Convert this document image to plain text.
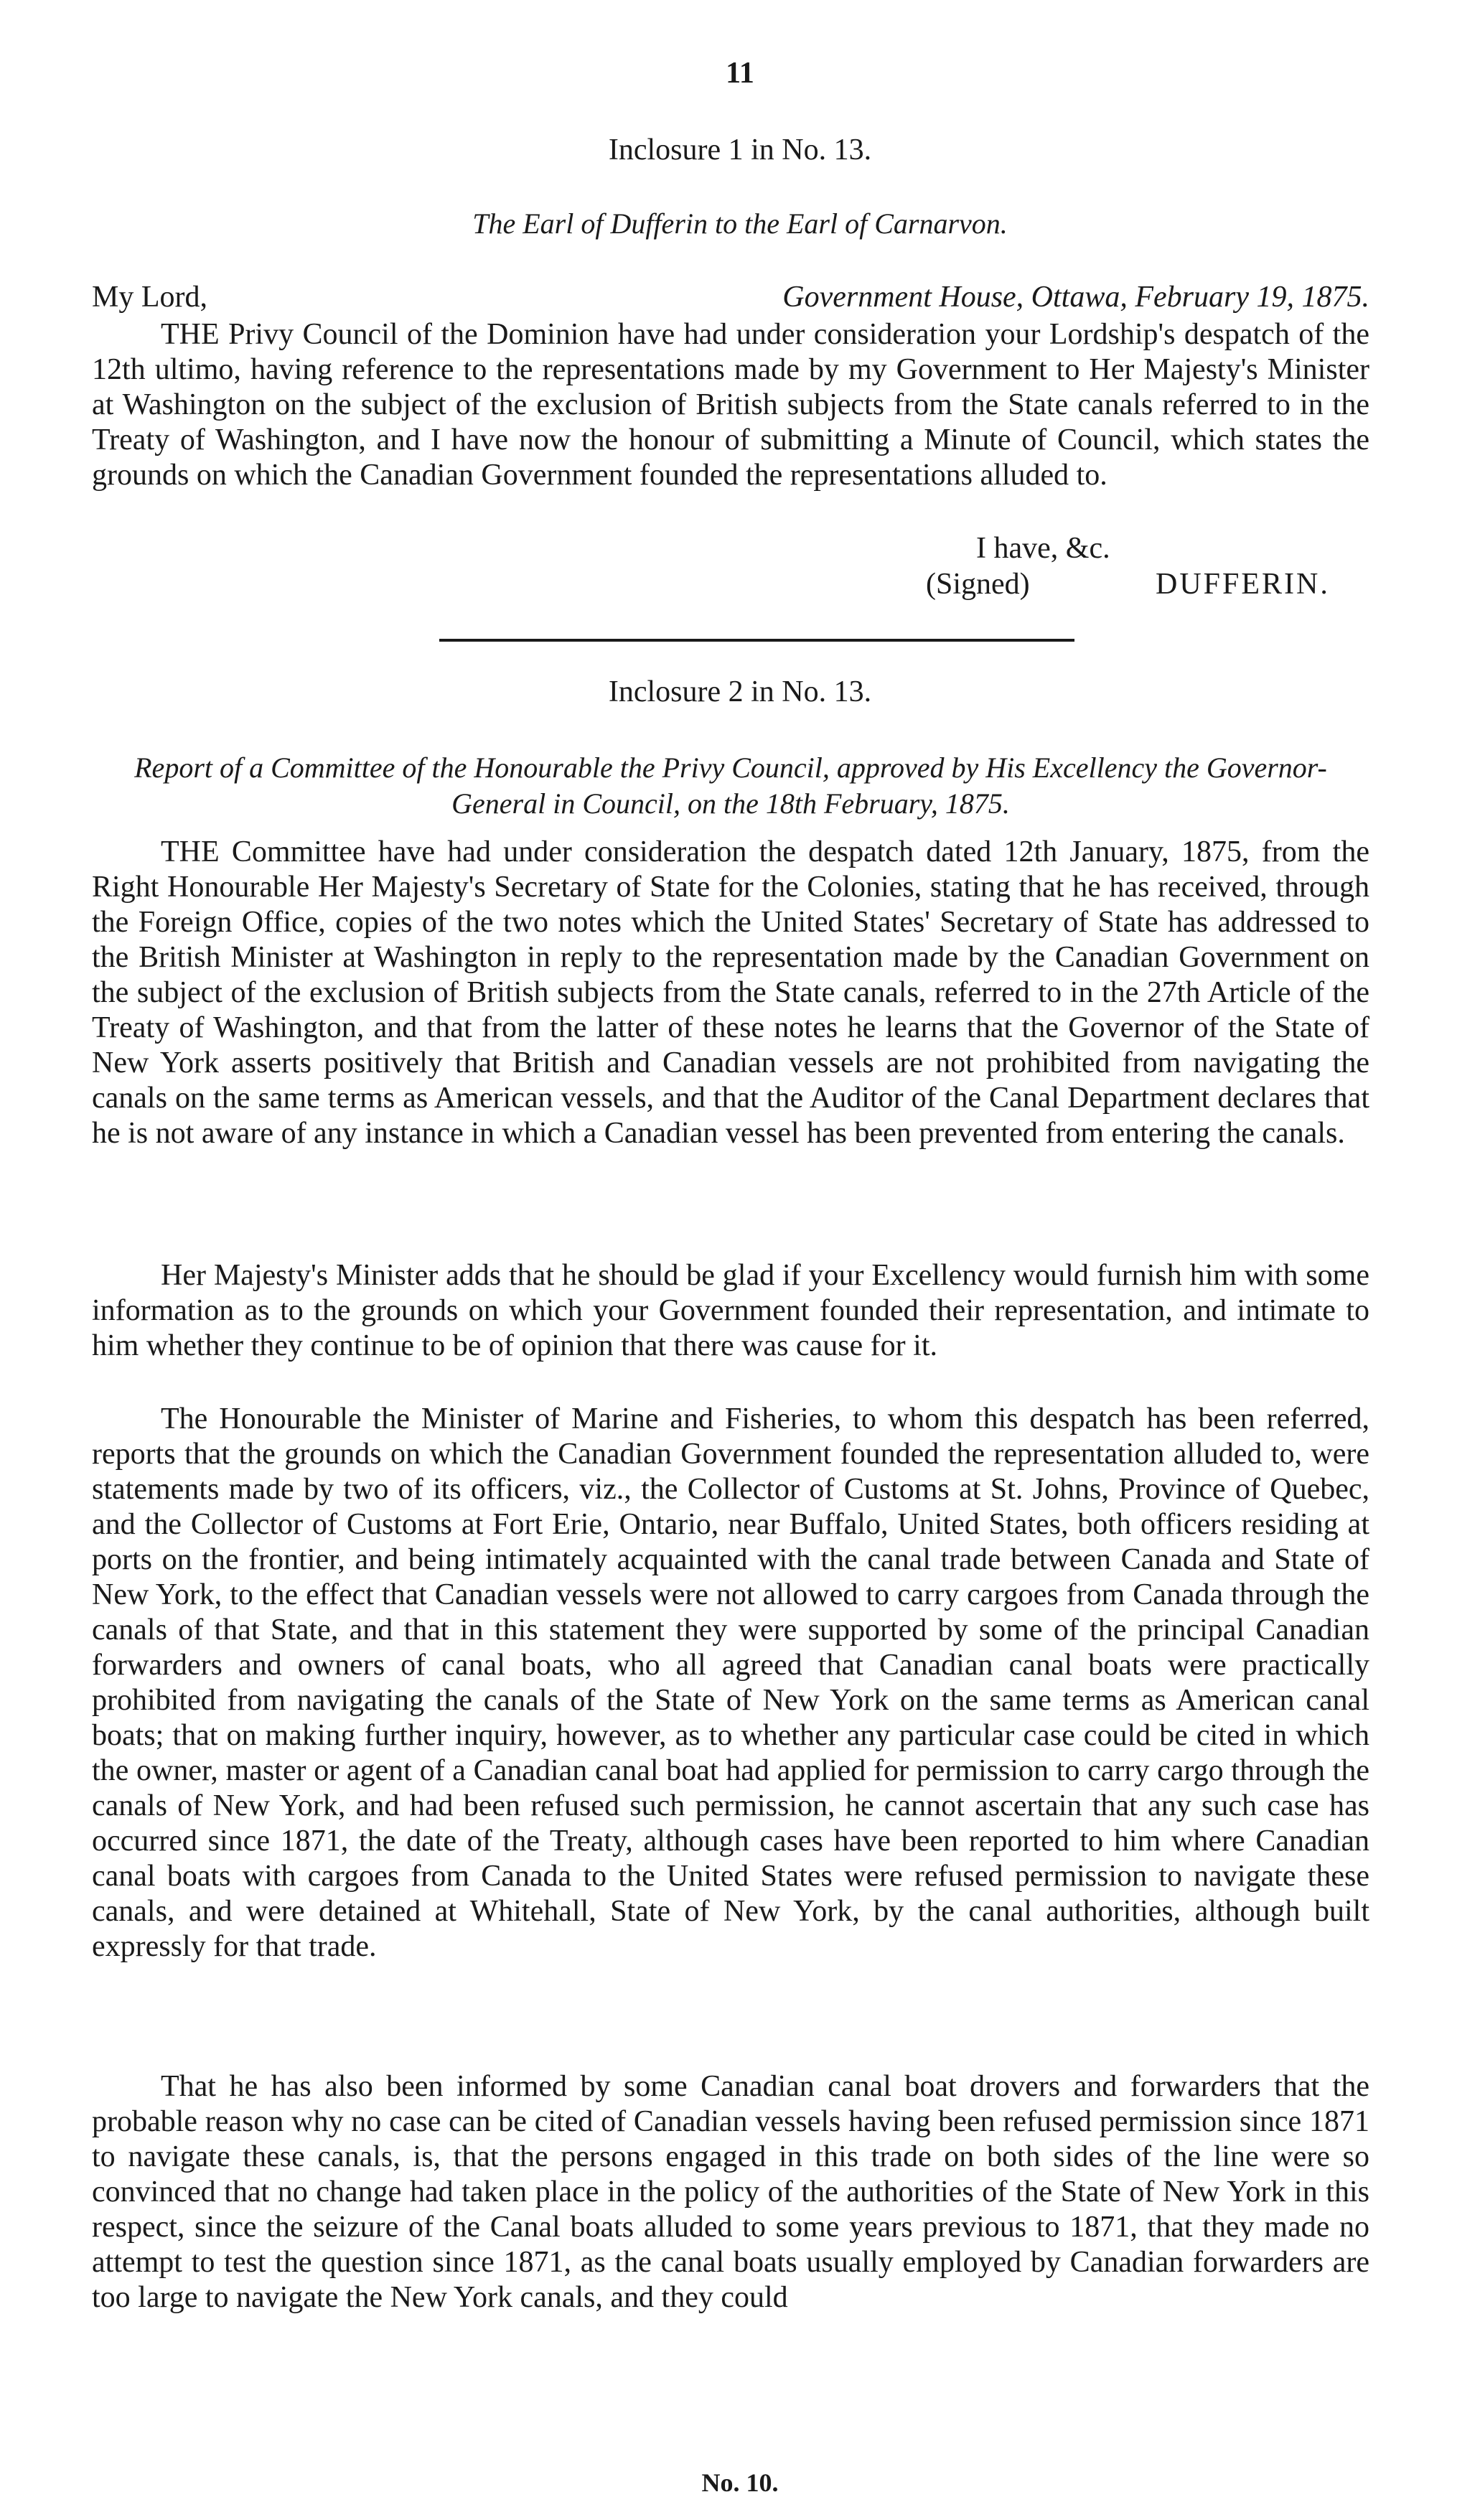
11
Inclosure 1 in No. 13.
The Earl of Dufferin to the Earl of Carnarvon.
My Lord,	Government House, Ottawa, February 19, 1875.

THE Privy Council of the Dominion have had under consideration your Lordship's despatch of the 12th ultimo, having reference to the representations made by my Government to Her Majesty's Minister at Washington on the subject of the exclusion of British subjects from the State canals referred to in the Treaty of Washington, and I have now the honour of submitting a Minute of Council, which states the grounds on which the Canadian Government founded the representations alluded to.

I have, &c.
(Signed)	DUFFERIN.
Inclosure 2 in No. 13.
Report of a Committee of the Honourable the Privy Council, approved by His Excellency the Governor-General in Council, on the 18th February, 1875.

THE Committee have had under consideration the despatch dated 12th January, 1875, from the Right Honourable Her Majesty's Secretary of State for the Colonies, stating that he has received, through the Foreign Office, copies of the two notes which the United States' Secretary of State has addressed to the British Minister at Washington in reply to the representation made by the Canadian Government on the subject of the exclusion of British subjects from the State canals, referred to in the 27th Article of the Treaty of Washington, and that from the latter of these notes he learns that the Governor of the State of New York asserts positively that British and Canadian vessels are not prohibited from navigating the canals on the same terms as American vessels, and that the Auditor of the Canal Department declares that he is not aware of any instance in which a Canadian vessel has been prevented from entering the canals.

Her Majesty's Minister adds that he should be glad if your Excellency would furnish him with some information as to the grounds on which your Government founded their representation, and intimate to him whether they continue to be of opinion that there was cause for it.

The Honourable the Minister of Marine and Fisheries, to whom this despatch has been referred, reports that the grounds on which the Canadian Government founded the representation alluded to, were statements made by two of its officers, viz., the Collector of Customs at St. Johns, Province of Quebec, and the Collector of Customs at Fort Erie, Ontario, near Buffalo, United States, both officers residing at ports on the frontier, and being intimately acquainted with the canal trade between Canada and State of New York, to the effect that Canadian vessels were not allowed to carry cargoes from Canada through the canals of that State, and that in this statement they were supported by some of the principal Canadian forwarders and owners of canal boats, who all agreed that Canadian canal boats were practically prohibited from navigating the canals of the State of New York on the same terms as American canal boats; that on making further inquiry, however, as to whether any particular case could be cited in which the owner, master or agent of a Canadian canal boat had applied for permission to carry cargo through the canals of New York, and had been refused such permission, he cannot ascertain that any such case has occurred since 1871, the date of the Treaty, although cases have been reported to him where Canadian canal boats with cargoes from Canada to the United States were refused permission to navigate these canals, and were detained at Whitehall, State of New York, by the canal authorities, although built expressly for that trade.

That he has also been informed by some Canadian canal boat drovers and forwarders that the probable reason why no case can be cited of Canadian vessels having been refused permission since 1871 to navigate these canals, is, that the persons engaged in this trade on both sides of the line were so convinced that no change had taken place in the policy of the authorities of the State of New York in this respect, since the seizure of the Canal boats alluded to some years previous to 1871, that they made no attempt to test the question since 1871, as the canal boats usually employed by Canadian forwarders are too large to navigate the New York canals, and they could

No. 10.
